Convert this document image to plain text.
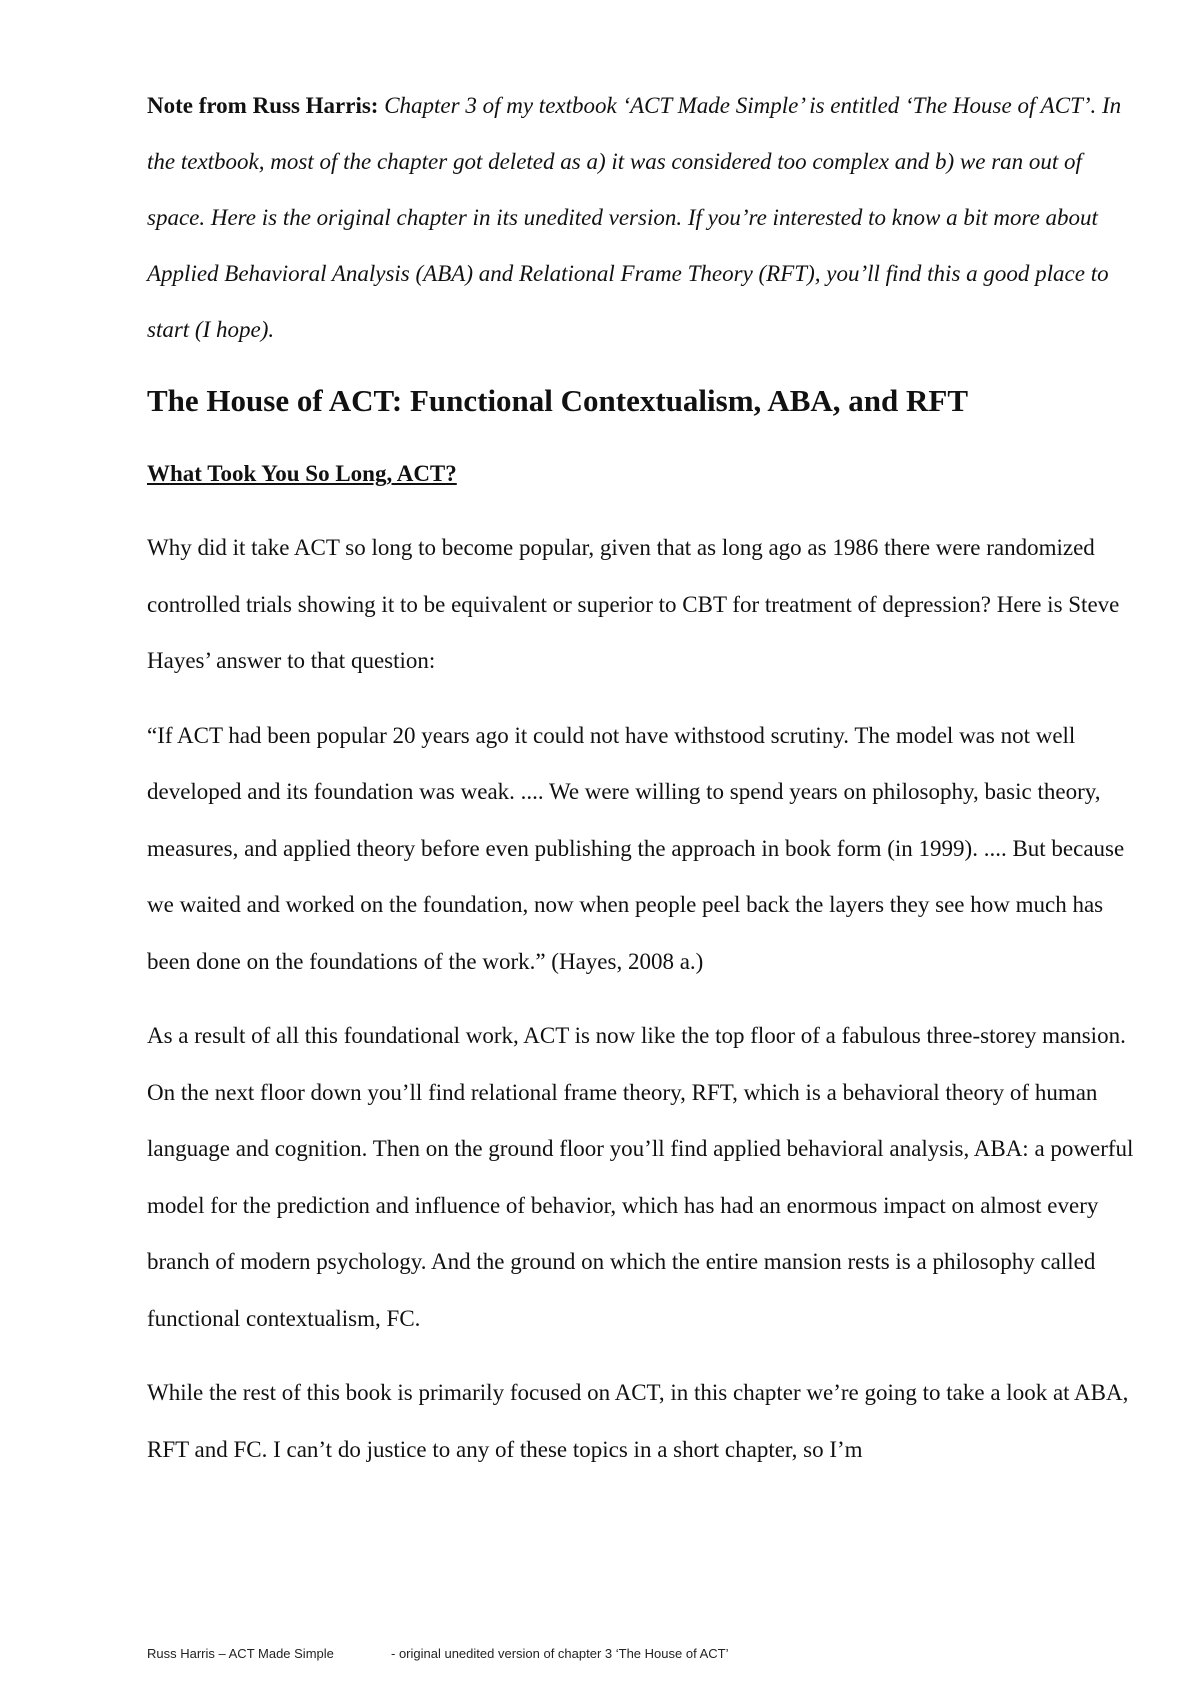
Note from Russ Harris: Chapter 3 of my textbook ‘ACT Made Simple’ is entitled ‘The House of ACT’. In the textbook, most of the chapter got deleted as a) it was considered too complex and b) we ran out of space. Here is the original chapter in its unedited version. If you’re interested to know a bit more about Applied Behavioral Analysis (ABA) and Relational Frame Theory (RFT), you’ll find this a good place to start (I hope).

The House of ACT: Functional Contextualism, ABA, and RFT
What Took You So Long, ACT?

Why did it take ACT so long to become popular, given that as long ago as 1986 there were randomized controlled trials showing it to be equivalent or superior to CBT for treatment of depression? Here is Steve Hayes’ answer to that question:

“If ACT had been popular 20 years ago it could not have withstood scrutiny. The model was not well developed and its foundation was weak. .... We were willing to spend years on philosophy, basic theory, measures, and applied theory before even publishing the approach in book form (in 1999). .... But because we waited and worked on the foundation, now when people peel back the layers they see how much has been done on the foundations of the work.” (Hayes, 2008 a.)

As a result of all this foundational work, ACT is now like the top floor of a fabulous three-storey mansion. On the next floor down you’ll find relational frame theory, RFT, which is a behavioral theory of human language and cognition. Then on the ground floor you’ll find applied behavioral analysis, ABA: a powerful model for the prediction and influence of behavior, which has had an enormous impact on almost every branch of modern psychology. And the ground on which the entire mansion rests is a philosophy called functional contextualism, FC.

While the rest of this book is primarily focused on ACT, in this chapter we’re going to take a look at ABA, RFT and FC. I can’t do justice to any of these topics in a short chapter, so I’m

Russ Harris – ACT Made Simple	- original unedited version of chapter 3 ‘The House of ACT’
